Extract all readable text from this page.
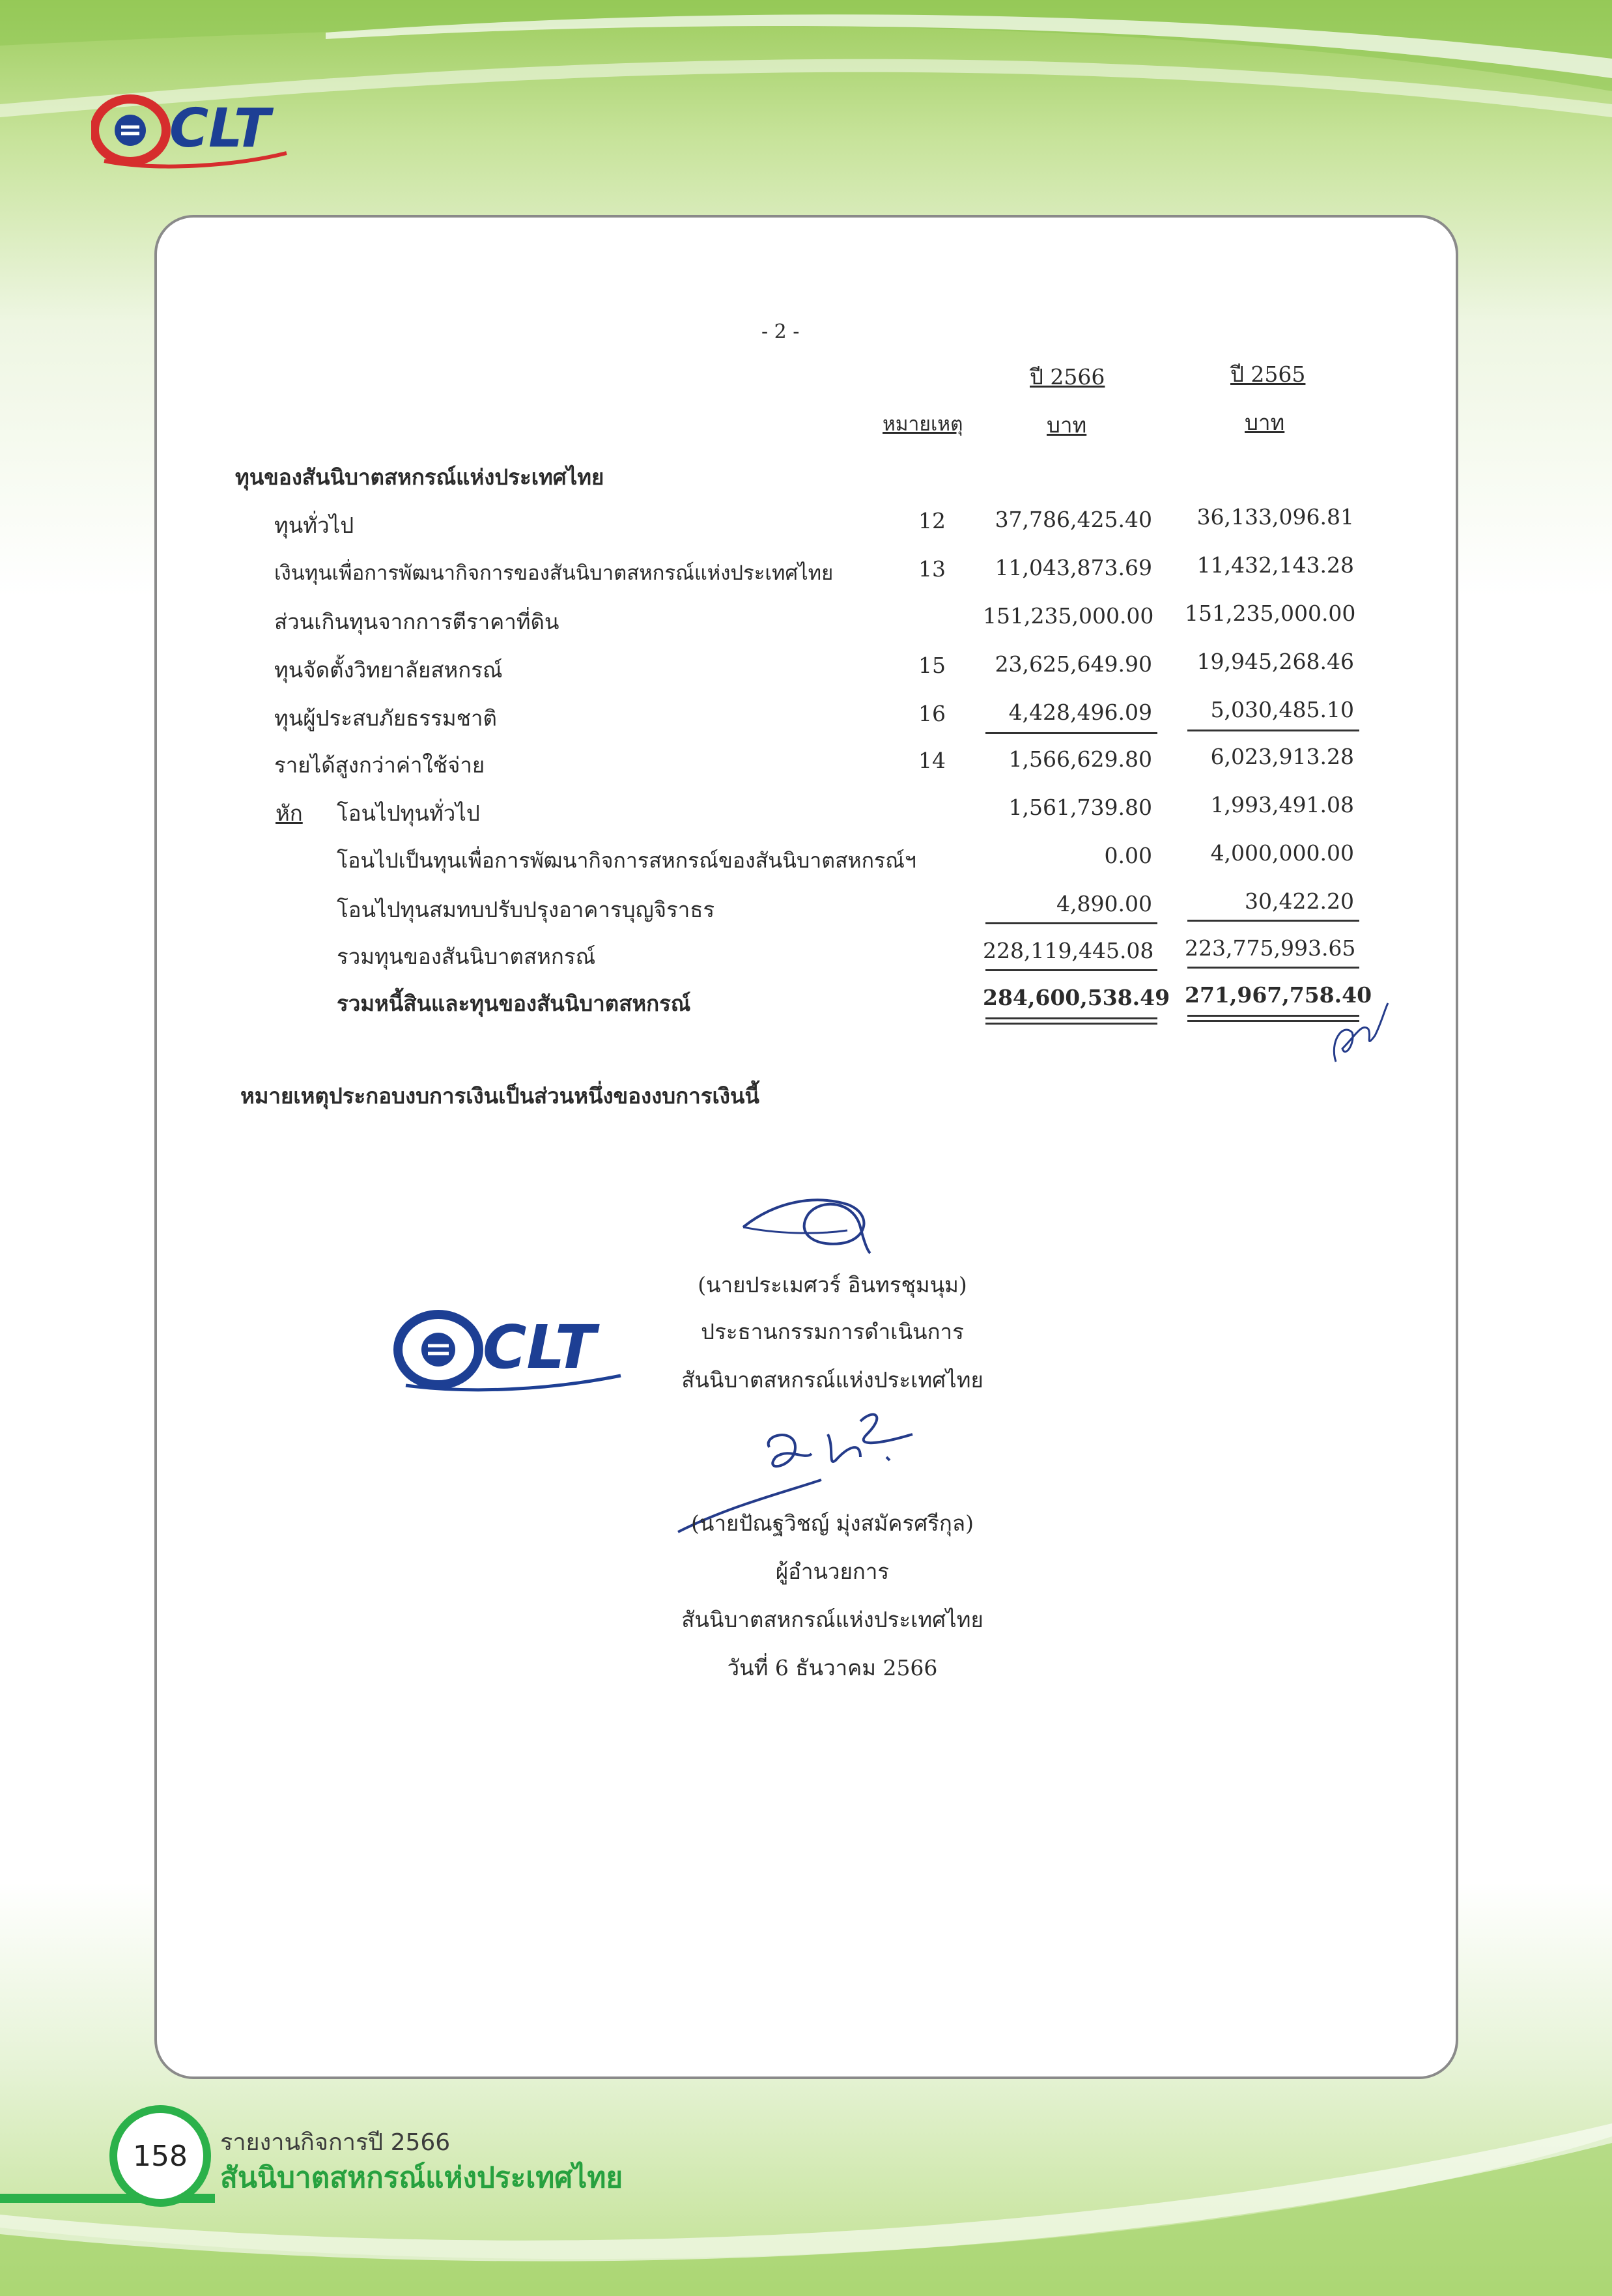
CLT
- 2 -
ปี 2566	ปี 2565
หมายเหตุ	บาท	บาท
ทุนของสันนิบาตสหกรณ์แห่งประเทศไทย
ทุนทั่วไป	12	37,786,425.40	36,133,096.81
เงินทุนเพื่อการพัฒนากิจการของสันนิบาตสหกรณ์แห่งประเทศไทย	13	11,043,873.69	11,432,143.28
ส่วนเกินทุนจากการตีราคาที่ดิน	151,235,000.00 151,235,000.00
ทุนจัดตั้งวิทยาลัยสหกรณ์	15	23,625,649.90	19,945,268.46
ทุนผู้ประสบภัยธรรมชาติ	16	4,428,496.09	5,030,485.10
รายได้สูงกว่าค่าใช้จ่าย	14	1,566,629.80	6,023,913.28
หัก โอนไปทุนทั่วไป	1,561,739.80	1,993,491.08
โอนไปเป็นทุนเพื่อการพัฒนากิจการสหกรณ์ของสันนิบาตสหกรณ์ฯ	0.00	4,000,000.00
โอนไปทุนสมทบปรับปรุงอาคารบุญจิราธร	4,890.00	30,422.20
รวมทุนของสันนิบาตสหกรณ์	228,119,445.08 223,775,993.65
รวมหนี้สินและทุนของสันนิบาตสหกรณ์	284,600,538.49 271,967,758.40
หมายเหตุประกอบงบการเงินเป็นส่วนหนึ่งของงบการเงินนี้
(นายประเมศวร์ อินทรชุมนุม)
ประธานกรรมการดำเนินการ
สันนิบาตสหกรณ์แห่งประเทศไทย
CLT
(นายปัณฐวิชญ์ มุ่งสมัครศรีกุล)
ผู้อำนวยการ
สันนิบาตสหกรณ์แห่งประเทศไทย
วันที่ 6 ธันวาคม 2566
158 รายงานกิจการปี 2566
สันนิบาตสหกรณ์แห่งประเทศไทย
